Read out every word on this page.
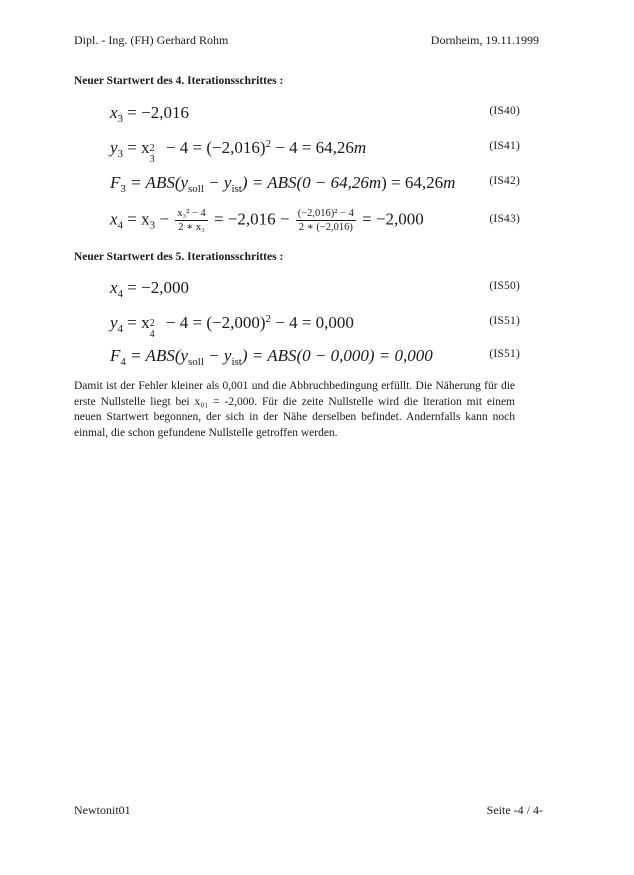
Dipl. - Ing. (FH) Gerhard Rohm	Dornheim, 19.11.1999
Neuer Startwert des 4. Iterationsschrittes :
$x_3 = -2,016$	(IS40)
$y_3 = x$ 2
3
− $4 = (-2,016)^2 - 4 = 64,26m$	(IS41)
$F_3 = ABS(y_{soll} - y_{ist}) = ABS(0 - 64,26m) = 64,26m$	(IS42)
$x_4 = x_3 - \frac{\text{x₃² − 4}}{\text{2 ∗ x₃}} = -2,016 - \frac{\text{(−2,016)² − 4}}{2 ∗ (-2,016)} = -2,000$	(IS43)
Neuer Startwert des 5. Iterationsschrittes :
$x_4 = -2,000$	(IS50)
$y_4 = x$ 2
4
− $4 = (-2,000)^2 - 4 = 0,000$	(IS51)
$F_4 = ABS(y_{soll} - y_{ist}) = ABS(0 - 0,000) = 0,000$	(IS51)
Damit ist der Fehler kleiner als 0,001 und die Abbruchbedingung erfüllt. Die Näherung für die erste Nullstelle liegt bei x₀₁ = -2,000. Für die zeite Nullstelle wird die Iteration mit einem neuen Startwert begonnen, der sich in der Nähe derselben befindet. Andernfalls kann noch einmal, die schon gefundene Nullstelle getroffen werden.
Newtonit01	Seite -4 / 4-
